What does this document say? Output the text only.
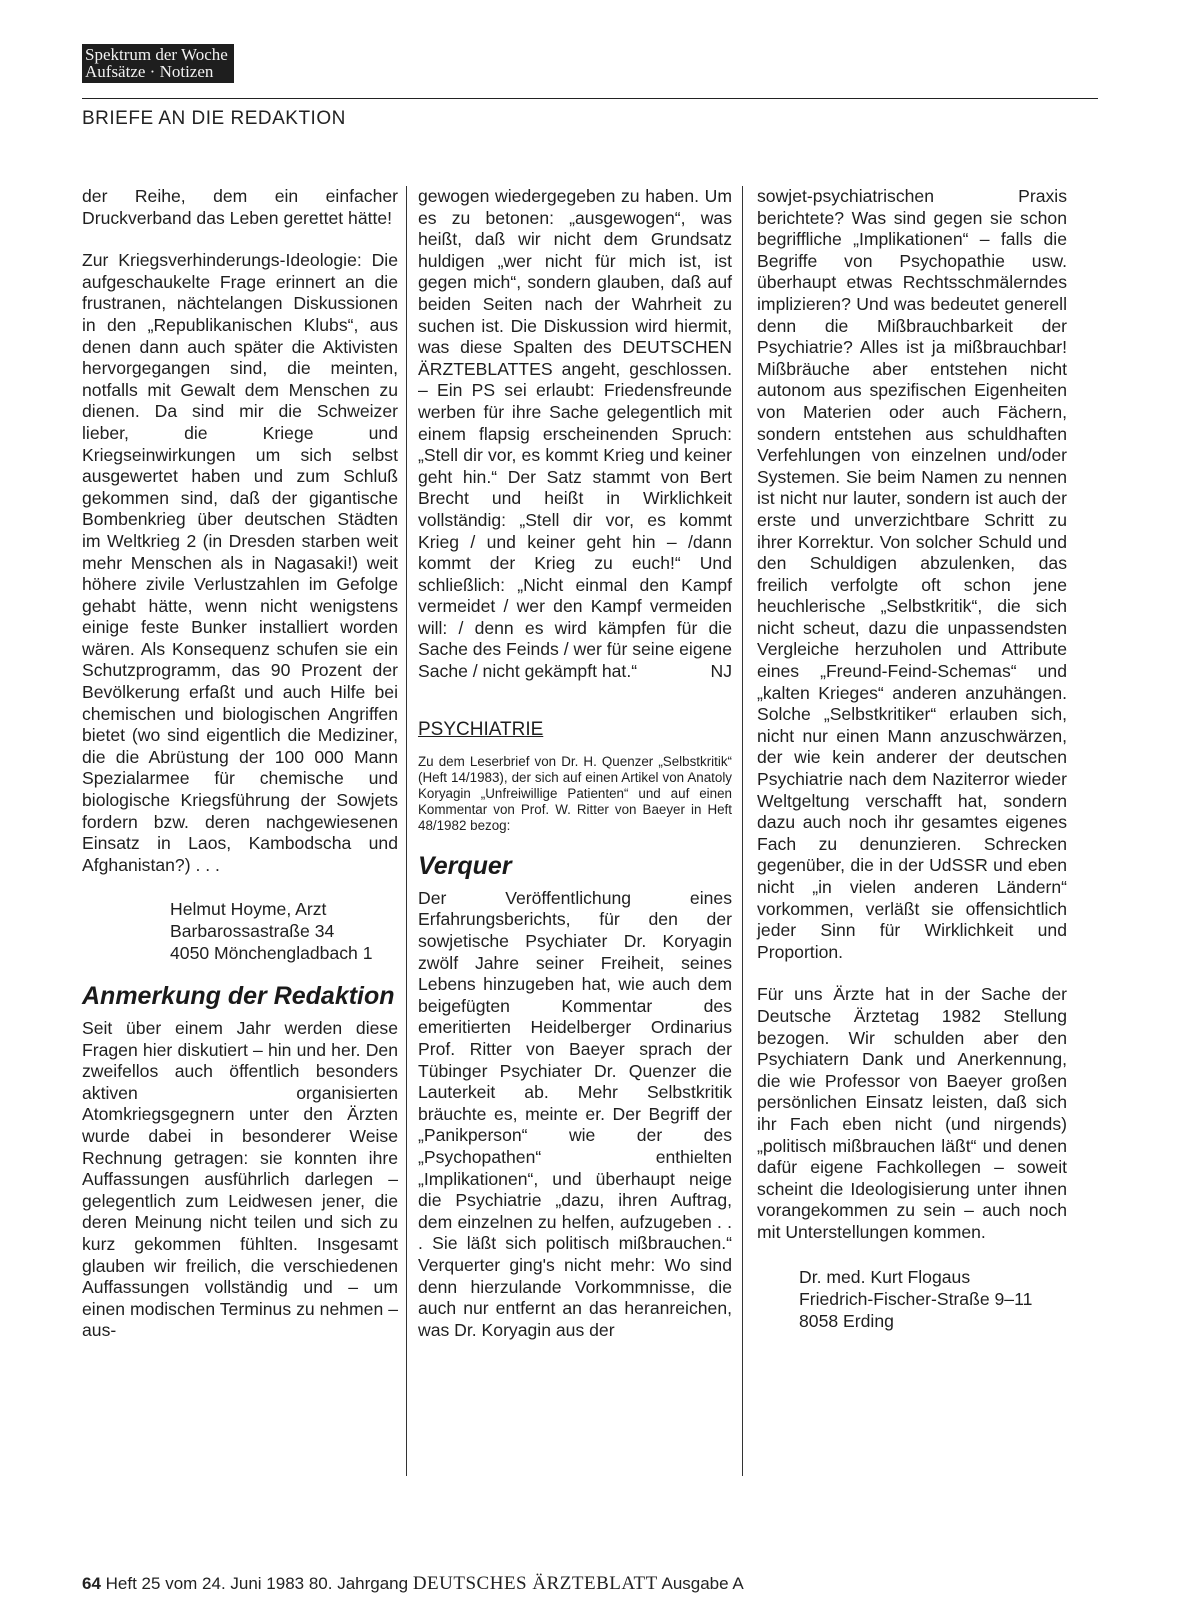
Spektrum der Woche
Aufsätze · Notizen
BRIEFE AN DIE REDAKTION

der Reihe, dem ein einfacher Druckverband das Leben gerettet hätte!

Zur Kriegsverhinderungs-Ideologie: Die aufgeschaukelte Frage erinnert an die frustranen, nächtelangen Diskussionen in den „Republikanischen Klubs“, aus denen dann auch später die Aktivisten hervorgegangen sind, die meinten, notfalls mit Gewalt dem Menschen zu dienen. Da sind mir die Schweizer lieber, die Kriege und Kriegseinwirkungen um sich selbst ausgewertet haben und zum Schluß gekommen sind, daß der gigantische Bombenkrieg über deutschen Städten im Weltkrieg 2 (in Dresden starben weit mehr Menschen als in Nagasaki!) weit höhere zivile Verlustzahlen im Gefolge gehabt hätte, wenn nicht wenigstens einige feste Bunker installiert worden wären. Als Konsequenz schufen sie ein Schutzprogramm, das 90 Prozent der Bevölkerung erfaßt und auch Hilfe bei chemischen und biologischen Angriffen bietet (wo sind eigentlich die Mediziner, die die Abrüstung der 100 000 Mann Spezialarmee für chemische und biologische Kriegsführung der Sowjets fordern bzw. deren nachgewiesenen Einsatz in Laos, Kambodscha und Afghanistan?) . . .

Helmut Hoyme, Arzt
Barbarossastraße 34
4050 Mönchengladbach 1
Anmerkung der Redaktion

Seit über einem Jahr werden diese Fragen hier diskutiert – hin und her. Den zweifellos auch öffentlich besonders aktiven organisierten Atomkriegsgegnern unter den Ärzten wurde dabei in besonderer Weise Rechnung getragen: sie konnten ihre Auffassungen ausführlich darlegen – gelegentlich zum Leidwesen jener, die deren Meinung nicht teilen und sich zu kurz gekommen fühlten. Insgesamt glauben wir freilich, die verschiedenen Auffassungen vollständig und – um einen modischen Terminus zu nehmen – aus-

gewogen wiedergegeben zu haben. Um es zu betonen: „ausgewogen“, was heißt, daß wir nicht dem Grundsatz huldigen „wer nicht für mich ist, ist gegen mich“, sondern glauben, daß auf beiden Seiten nach der Wahrheit zu suchen ist. Die Diskussion wird hiermit, was diese Spalten des DEUTSCHEN ÄRZTEBLATTES angeht, geschlossen. – Ein PS sei erlaubt: Friedensfreunde werben für ihre Sache gelegentlich mit einem flapsig erscheinenden Spruch: „Stell dir vor, es kommt Krieg und keiner geht hin.“ Der Satz stammt von Bert Brecht und heißt in Wirklichkeit vollständig: „Stell dir vor, es kommt Krieg / und keiner geht hin – /dann kommt der Krieg zu euch!“ Und schließlich: „Nicht einmal den Kampf vermeidet / wer den Kampf vermeiden will: / denn es wird kämpfen für die Sache des Feinds / wer für seine eigene Sache / nicht gekämpft hat.“	NJ

PSYCHIATRIE
Zu dem Leserbrief von Dr. H. Quenzer „Selbstkritik“ (Heft 14/1983), der sich auf einen Artikel von Anatoly Koryagin „Unfreiwillige Patienten“ und auf einen Kommentar von Prof. W. Ritter von Baeyer in Heft 48/1982 bezog:
Verquer

Der Veröffentlichung eines Erfahrungsberichts, für den der sowjetische Psychiater Dr. Koryagin zwölf Jahre seiner Freiheit, seines Lebens hinzugeben hat, wie auch dem beigefügten Kommentar des emeritierten Heidelberger Ordinarius Prof. Ritter von Baeyer sprach der Tübinger Psychiater Dr. Quenzer die Lauterkeit ab. Mehr Selbstkritik bräuchte es, meinte er. Der Begriff der „Panikperson“ wie der des „Psychopathen“ enthielten „Implikationen“, und überhaupt neige die Psychiatrie „dazu, ihren Auftrag, dem einzelnen zu helfen, aufzugeben . . . Sie läßt sich politisch mißbrauchen.“ Verquerter ging's nicht mehr: Wo sind denn hierzulande Vorkommnisse, die auch nur entfernt an das heranreichen, was Dr. Koryagin aus der

sowjet-psychiatrischen Praxis berichtete? Was sind gegen sie schon begriffliche „Implikationen“ – falls die Begriffe von Psychopathie usw. überhaupt etwas Rechtsschmälerndes implizieren? Und was bedeutet generell denn die Mißbrauchbarkeit der Psychiatrie? Alles ist ja mißbrauchbar! Mißbräuche aber entstehen nicht autonom aus spezifischen Eigenheiten von Materien oder auch Fächern, sondern entstehen aus schuldhaften Verfehlungen von einzelnen und/oder Systemen. Sie beim Namen zu nennen ist nicht nur lauter, sondern ist auch der erste und unverzichtbare Schritt zu ihrer Korrektur. Von solcher Schuld und den Schuldigen abzulenken, das freilich verfolgte oft schon jene heuchlerische „Selbstkritik“, die sich nicht scheut, dazu die unpassendsten Vergleiche herzuholen und Attribute eines „Freund-Feind-Schemas“ und „kalten Krieges“ anderen anzuhängen. Solche „Selbstkritiker“ erlauben sich, nicht nur einen Mann anzuschwärzen, der wie kein anderer der deutschen Psychiatrie nach dem Naziterror wieder Weltgeltung verschafft hat, sondern dazu auch noch ihr gesamtes eigenes Fach zu denunzieren. Schrecken gegenüber, die in der UdSSR und eben nicht „in vielen anderen Ländern“ vorkommen, verläßt sie offensichtlich jeder Sinn für Wirklichkeit und Proportion.

Für uns Ärzte hat in der Sache der Deutsche Ärztetag 1982 Stellung bezogen. Wir schulden aber den Psychiatern Dank und Anerkennung, die wie Professor von Baeyer großen persönlichen Einsatz leisten, daß sich ihr Fach eben nicht (und nirgends) „politisch mißbrauchen läßt“ und denen dafür eigene Fachkollegen – soweit scheint die Ideologisierung unter ihnen vorangekommen zu sein – auch noch mit Unterstellungen kommen.

Dr. med. Kurt Flogaus
Friedrich-Fischer-Straße 9–11
8058 Erding
64 Heft 25 vom 24. Juni 1983 80. Jahrgang DEUTSCHES ÄRZTEBLATT Ausgabe A
